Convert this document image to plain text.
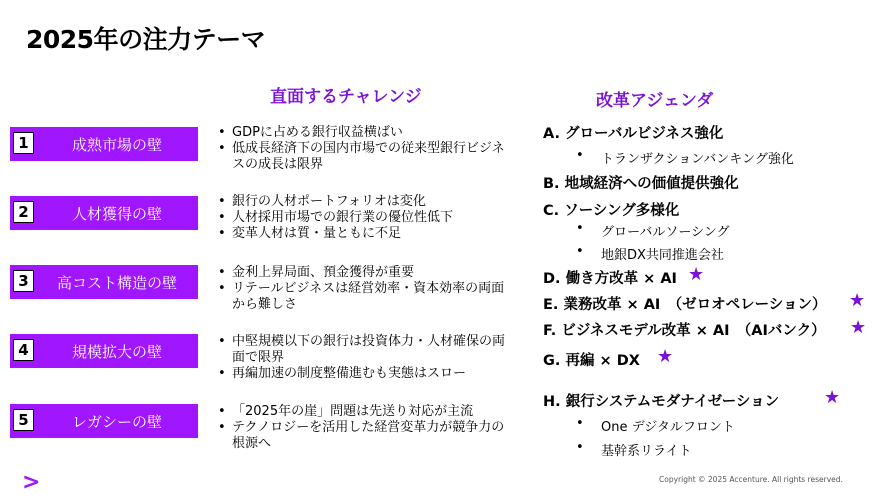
2025年の注力テーマ
直面するチャレンジ	改革アジェンダ
1	成熟市場の壁
• GDPに占める銀行収益横ばい
• 低成長経済下の国内市場での従来型銀行ビジネスの成長は限界
2	人材獲得の壁
• 銀行の人材ポートフォリオは変化
• 人材採用市場での銀行業の優位性低下
• 変革人材は質・量ともに不足
3	高コスト構造の壁
• 金利上昇局面、預金獲得が重要
• リテールビジネスは経営効率・資本効率の両面から難しさ
4	規模拡大の壁
• 中堅規模以下の銀行は投資体力・人材確保の両面で限界
• 再編加速の制度整備進むも実態はスロー
5	レガシーの壁
• 「2025年の崖」問題は先送り対応が主流
• テクノロジーを活用した経営変革力が競争力の根源へ
A. グローバルビジネス強化
• トランザクションバンキング強化
B. 地域経済への価値提供強化
C. ソーシング多様化
• グローバルソーシング
• 地銀DX共同推進会社
D. 働き方改革 × AI ★
E. 業務改革 × AI　（ゼロオペレーション） ★
F. ビジネスモデル改革 × AI　（AIバンク） ★
G. 再編 × DX ★
H. 銀行システムモダナイゼーション ★
• One デジタルフロント
• 基幹系リライト
>	Copyright © 2025 Accenture. All rights reserved.
